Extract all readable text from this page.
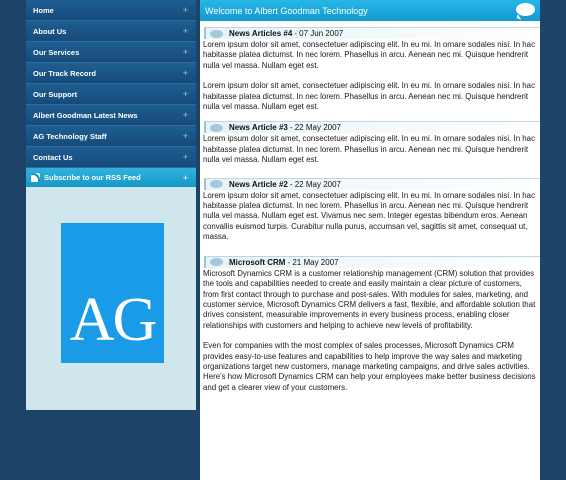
Home	+
About Us	+
Our Services	+
Our Track Record	+
Our Support	+
Albert Goodman Latest News	+
AG Technology Staff	+
Contact Us	+
Subscribe to our RSS Feed	+
AG
Welcome to Albert Goodman Technology
News Articles #4 - 07 Jun 2007

Lorem ipsum dolor sit amet, consectetuer adipiscing elit. In eu mi. In ornare sodales nisi. In hac habitasse platea dictumst. In nec lorem. Phasellus in arcu. Aenean nec mi. Quisque hendrerit nulla vel massa. Nullam eget est.

Lorem ipsum dolor sit amet, consectetuer adipiscing elit. In eu mi. In ornare sodales nisi. In hac habitasse platea dictumst. In nec lorem. Phasellus in arcu. Aenean nec mi. Quisque hendrerit nulla vel massa. Nullam eget est.

News Article #3 - 22 May 2007

Lorem ipsum dolor sit amet, consectetuer adipiscing elit. In eu mi. In ornare sodales nisi. In hac habitasse platea dictumst. In nec lorem. Phasellus in arcu. Aenean nec mi. Quisque hendrerit nulla vel massa. Nullam eget est.

News Article #2 - 22 May 2007

Lorem ipsum dolor sit amet, consectetuer adipiscing elit. In eu mi. In ornare sodales nisi. In hac habitasse platea dictumst. In nec lorem. Phasellus in arcu. Aenean nec mi. Quisque hendrerit nulla vel massa. Nullam eget est. Vivamus nec sem. Integer egestas bibendum eros. Aenean convallis euismod turpis. Curabitur nulla purus, accumsan vel, sagittis sit amet, consequat ut, massa.

Microsoft CRM - 21 May 2007

Microsoft Dynamics CRM is a customer relationship management (CRM) solution that provides the tools and capabilities needed to create and easily maintain a clear picture of customers, from first contact through to purchase and post-sales. With modules for sales, marketing, and customer service, Microsoft Dynamics CRM delivers a fast, flexible, and affordable solution that drives consistent, measurable improvements in every business process, enabling closer relationships with customers and helping to achieve new levels of profitability.

Even for companies with the most complex of sales processes, Microsoft Dynamics CRM provides easy-to-use features and capabilities to help improve the way sales and marketing organizations target new customers, manage marketing campaigns, and drive sales activities. Here's how Microsoft Dynamics CRM can help your employees make better business decisions and get a clearer view of your customers.
